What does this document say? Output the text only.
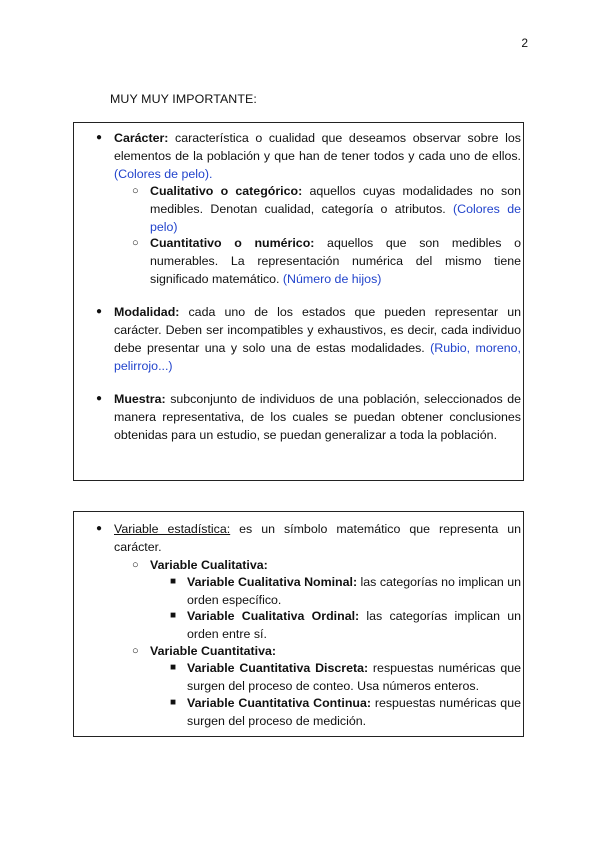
2
MUY MUY IMPORTANTE:
● Carácter: característica o cualidad que deseamos observar sobre los elementos de la población y que han de tener todos y cada uno de ellos. (Colores de pelo).
○ Cualitativo o categórico: aquellos cuyas modalidades no son medibles. Denotan cualidad, categoría o atributos. (Colores de pelo)
○ Cuantitativo o numérico: aquellos que son medibles o numerables. La representación numérica del mismo tiene significado matemático. (Número de hijos)
● Modalidad: cada uno de los estados que pueden representar un carácter. Deben ser incompatibles y exhaustivos, es decir, cada individuo debe presentar una y solo una de estas modalidades. (Rubio, moreno, pelirrojo...)
● Muestra: subconjunto de individuos de una población, seleccionados de manera representativa, de los cuales se puedan obtener conclusiones obtenidas para un estudio, se puedan generalizar a toda la población.
● Variable estadística: es un símbolo matemático que representa un carácter.
○ Variable Cualitativa:
■ Variable Cualitativa Nominal: las categorías no implican un orden específico.
■ Variable Cualitativa Ordinal: las categorías implican un orden entre sí.
○ Variable Cuantitativa:
■ Variable Cuantitativa Discreta: respuestas numéricas que surgen del proceso de conteo. Usa números enteros.
■ Variable Cuantitativa Continua: respuestas numéricas que surgen del proceso de medición.
